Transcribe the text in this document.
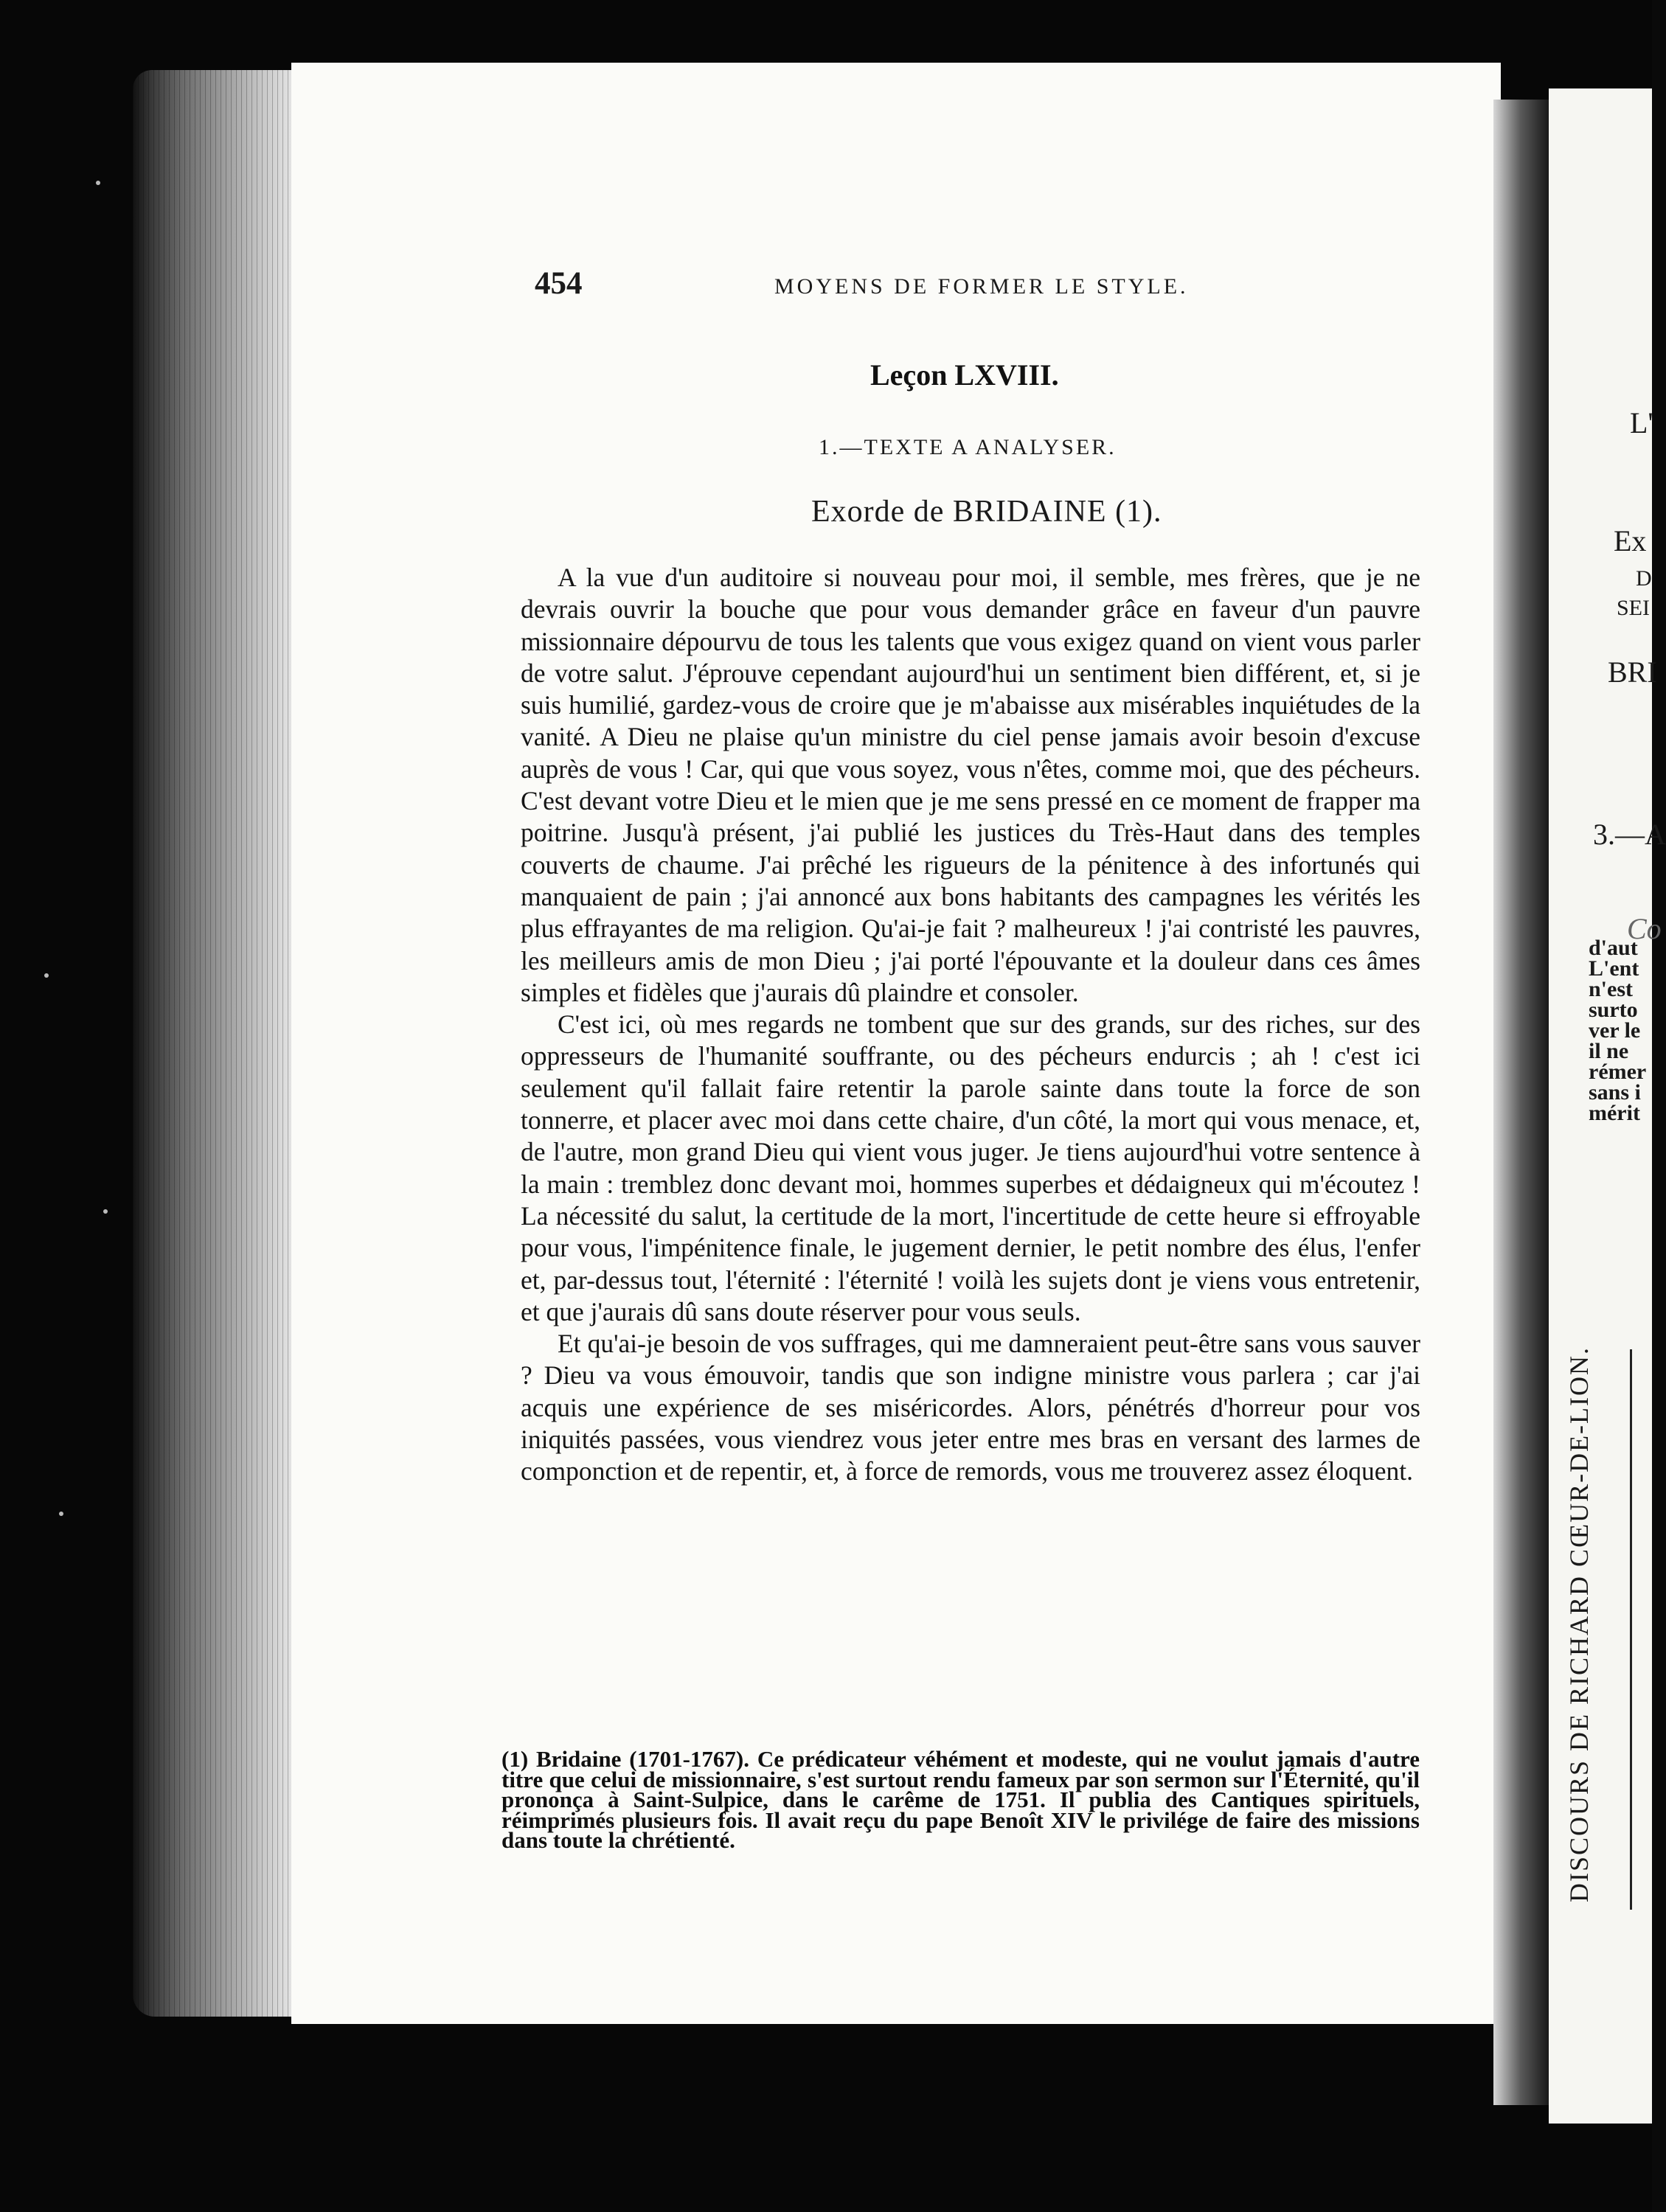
454	MOYENS DE FORMER LE STYLE.
Leçon LXVIII.
1.—TEXTE A ANALYSER.
Exorde de BRIDAINE (1).

A la vue d'un auditoire si nouveau pour moi, il semble, mes frères, que je ne devrais ouvrir la bouche que pour vous demander grâce en faveur d'un pauvre missionnaire dépourvu de tous les talents que vous exigez quand on vient vous parler de votre salut. J'éprouve cependant aujourd'hui un sentiment bien différent, et, si je suis humilié, gardez-vous de croire que je m'abaisse aux misérables inquiétudes de la vanité. A Dieu ne plaise qu'un ministre du ciel pense jamais avoir besoin d'excuse auprès de vous ! Car, qui que vous soyez, vous n'êtes, comme moi, que des pécheurs. C'est devant votre Dieu et le mien que je me sens pressé en ce moment de frapper ma poitrine. Jusqu'à présent, j'ai publié les justices du Très-Haut dans des temples couverts de chaume. J'ai prêché les rigueurs de la pénitence à des infortunés qui manquaient de pain ; j'ai annoncé aux bons habitants des campagnes les vérités les plus effrayantes de ma religion. Qu'ai-je fait ? malheureux ! j'ai contristé les pauvres, les meilleurs amis de mon Dieu ; j'ai porté l'épouvante et la douleur dans ces âmes simples et fidèles que j'aurais dû plaindre et consoler.

C'est ici, où mes regards ne tombent que sur des grands, sur des riches, sur des oppresseurs de l'humanité souffrante, ou des pécheurs endurcis ; ah ! c'est ici seulement qu'il fallait faire retentir la parole sainte dans toute la force de son tonnerre, et placer avec moi dans cette chaire, d'un côté, la mort qui vous menace, et, de l'autre, mon grand Dieu qui vient vous juger. Je tiens aujourd'hui votre sentence à la main : tremblez donc devant moi, hommes superbes et dédaigneux qui m'écoutez ! La nécessité du salut, la certitude de la mort, l'incertitude de cette heure si effroyable pour vous, l'impénitence finale, le jugement dernier, le petit nombre des élus, l'enfer et, par-dessus tout, l'éternité : l'éternité ! voilà les sujets dont je viens vous entretenir, et que j'aurais dû sans doute réserver pour vous seuls.

Et qu'ai-je besoin de vos suffrages, qui me damneraient peut-être sans vous sauver ? Dieu va vous émouvoir, tandis que son indigne ministre vous parlera ; car j'ai acquis une expérience de ses miséricordes. Alors, pénétrés d'horreur pour vos iniquités passées, vous viendrez vous jeter entre mes bras en versant des larmes de componction et de repentir, et, à force de remords, vous me trouverez assez éloquent.

(1) Bridaine (1701-1767). Ce prédicateur véhément et modeste, qui ne voulut jamais d'autre titre que celui de missionnaire, s'est surtout rendu fameux par son sermon sur l'Éternité, qu'il prononça à Saint-Sulpice, dans le carême de 1751. Il publia des Cantiques spirituels, réimprimés plusieurs fois. Il avait reçu du pape Benoît XIV le privilége de faire des missions dans toute la chrétienté.
L'
Ex
D
SEI
BRI
3.—A
Co
d'aut
L'ent
n'est
surto
ver le
il ne
rémer
sans i
mérit
DISCOURS DE RICHARD CŒUR-DE-LION.
